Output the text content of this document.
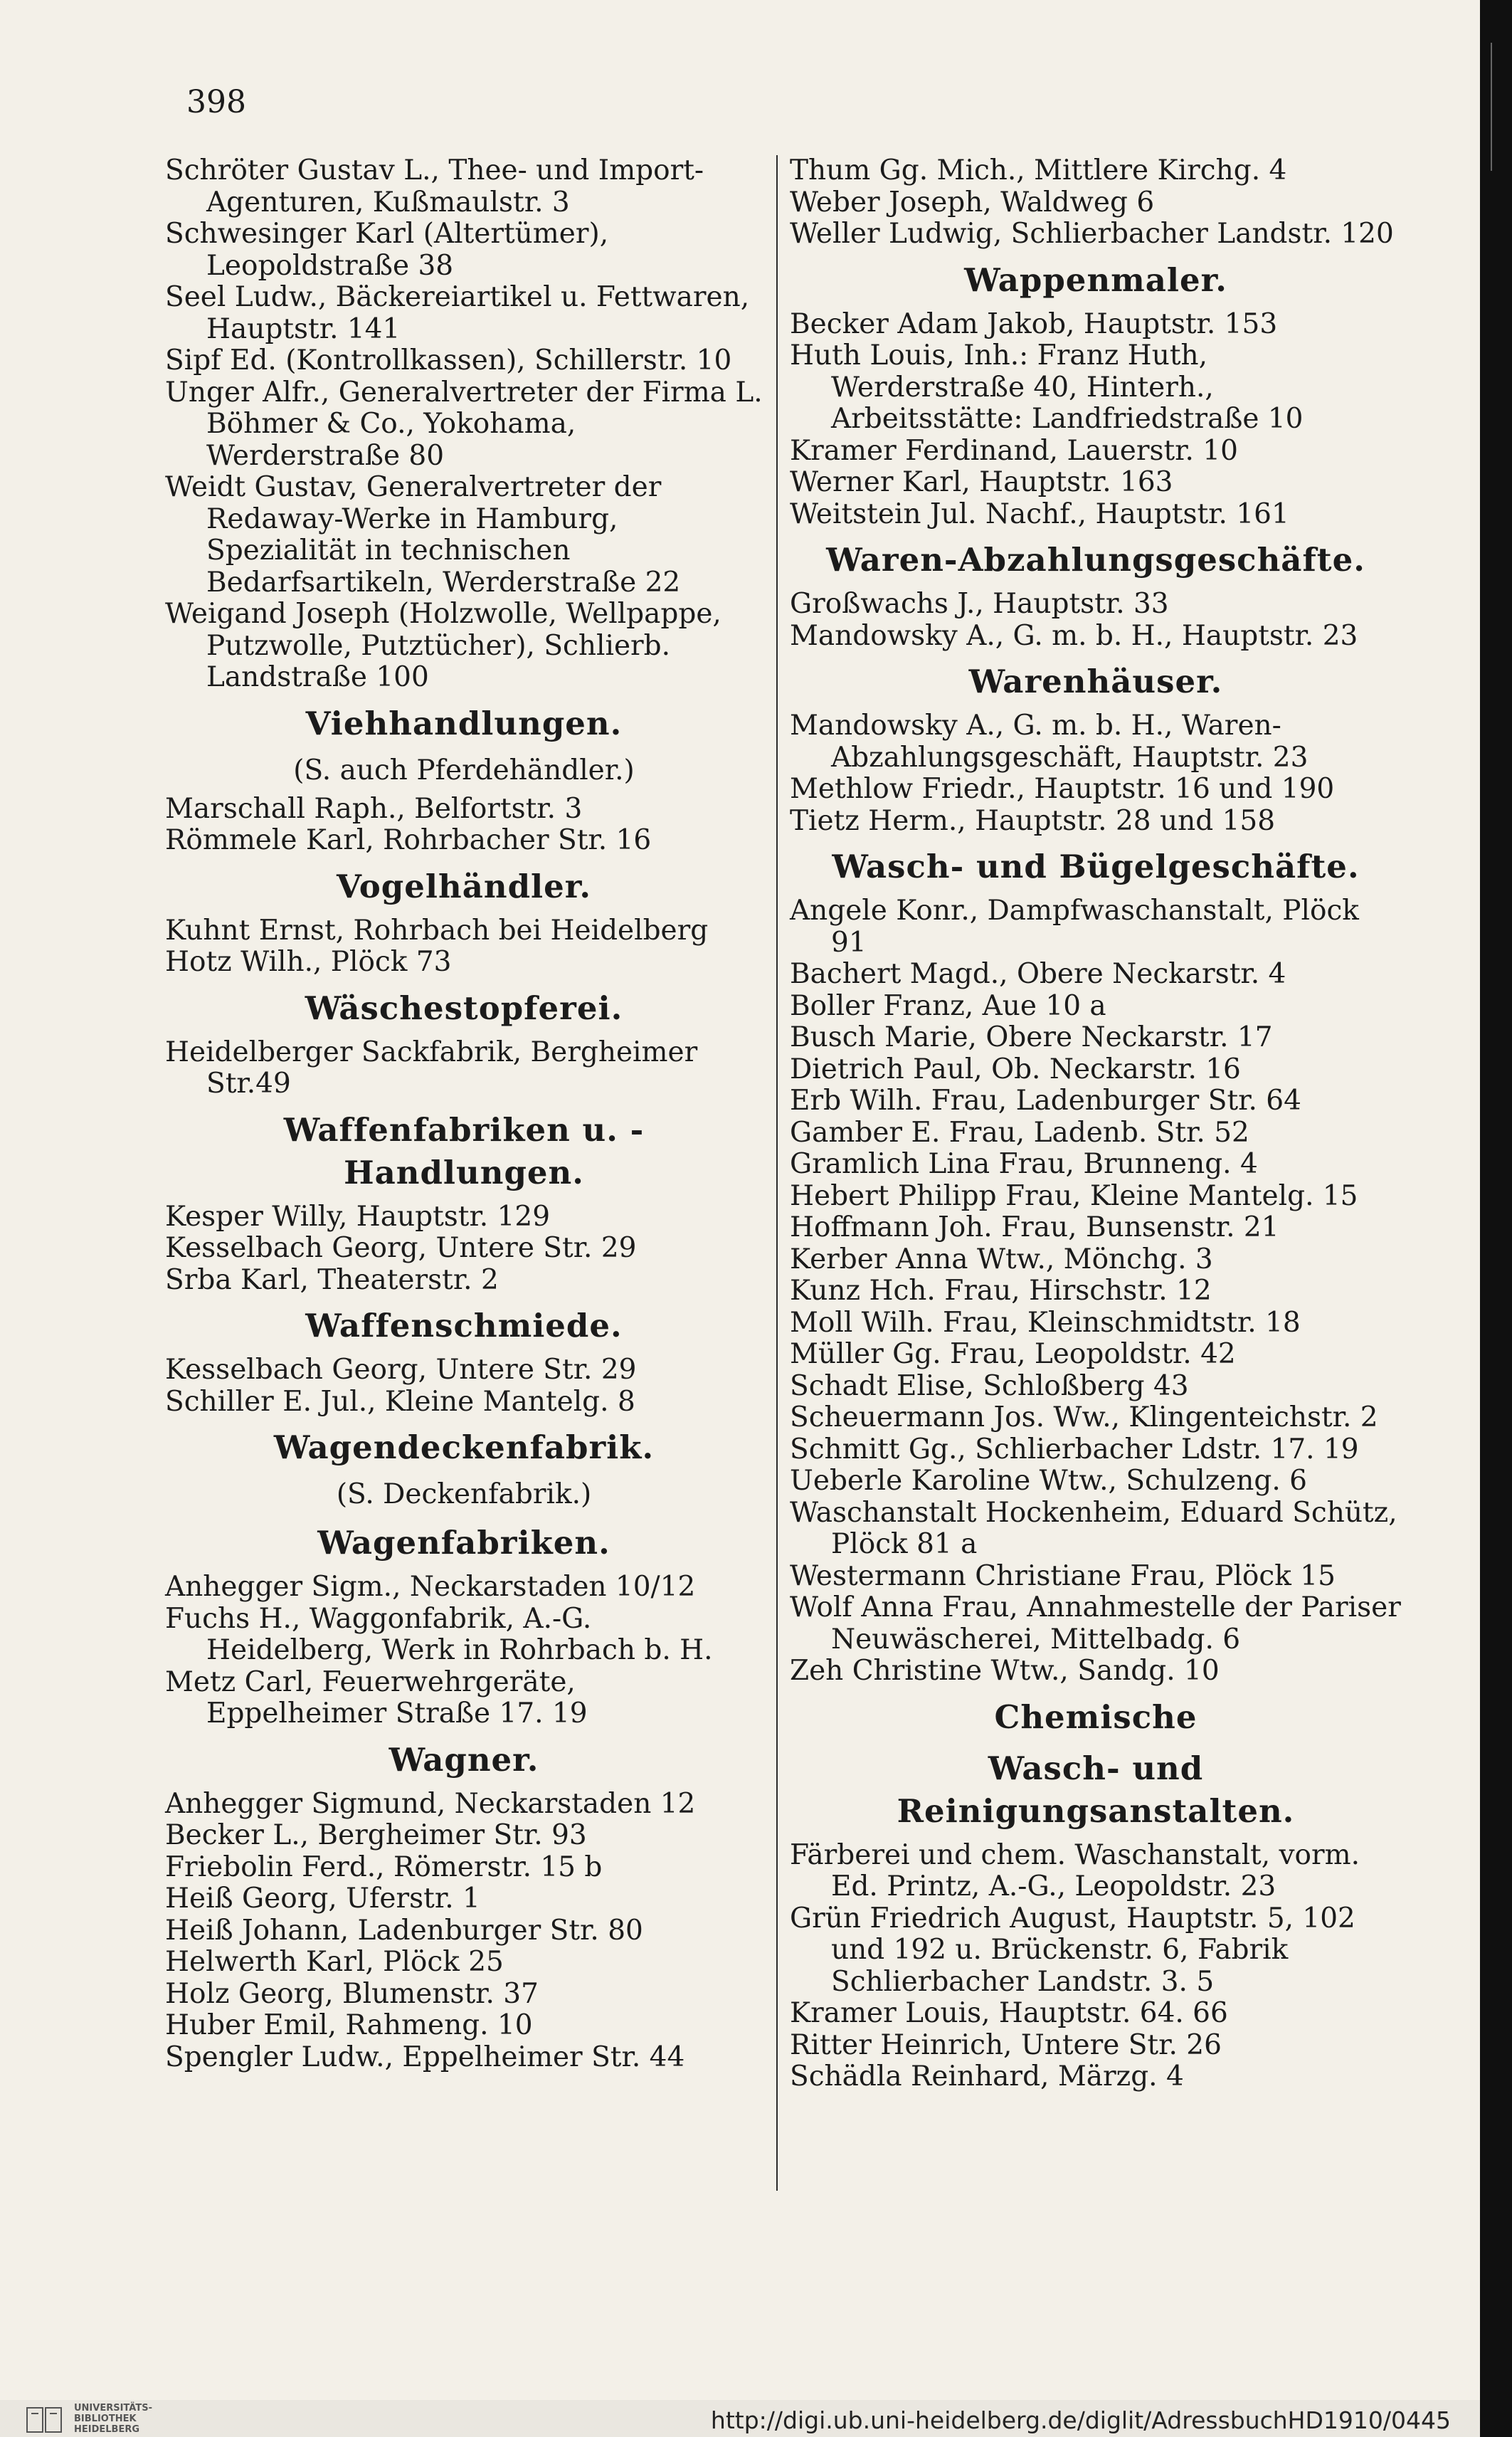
398
Schröter Gustav L., Thee- und Import-Agenturen, Kußmaulstr. 3
Schwesinger Karl (Altertümer), Leopoldstraße 38
Seel Ludw., Bäckereiartikel u. Fettwaren, Hauptstr. 141
Sipf Ed. (Kontrollkassen), Schillerstr. 10
Unger Alfr., Generalvertreter der Firma L. Böhmer & Co., Yokohama, Werderstraße 80
Weidt Gustav, Generalvertreter der Redaway-Werke in Hamburg, Spezialität in technischen Bedarfsartikeln, Werderstraße 22
Weigand Joseph (Holzwolle, Wellpappe, Putzwolle, Putztücher), Schlierb. Landstraße 100
Viehhandlungen.
(S. auch Pferdehändler.)
Marschall Raph., Belfortstr. 3
Römmele Karl, Rohrbacher Str. 16
Vogelhändler.
Kuhnt Ernst, Rohrbach bei Heidelberg
Hotz Wilh., Plöck 73
Wäschestopferei.
Heidelberger Sackfabrik, Bergheimer Str.49
Waffenfabriken u. -Handlungen.
Kesper Willy, Hauptstr. 129
Kesselbach Georg, Untere Str. 29
Srba Karl, Theaterstr. 2
Waffenschmiede.
Kesselbach Georg, Untere Str. 29
Schiller E. Jul., Kleine Mantelg. 8
Wagendeckenfabrik.
(S. Deckenfabrik.)
Wagenfabriken.
Anhegger Sigm., Neckarstaden 10/12
Fuchs H., Waggonfabrik, A.-G. Heidelberg, Werk in Rohrbach b. H.
Metz Carl, Feuerwehrgeräte, Eppelheimer Straße 17. 19
Wagner.
Anhegger Sigmund, Neckarstaden 12
Becker L., Bergheimer Str. 93
Friebolin Ferd., Römerstr. 15 b
Heiß Georg, Uferstr. 1
Heiß Johann, Ladenburger Str. 80
Helwerth Karl, Plöck 25
Holz Georg, Blumenstr. 37
Huber Emil, Rahmeng. 10
Spengler Ludw., Eppelheimer Str. 44
Thum Gg. Mich., Mittlere Kirchg. 4
Weber Joseph, Waldweg 6
Weller Ludwig, Schlierbacher Landstr. 120
Wappenmaler.
Becker Adam Jakob, Hauptstr. 153
Huth Louis, Inh.: Franz Huth, Werderstraße 40, Hinterh., Arbeitsstätte: Landfriedstraße 10
Kramer Ferdinand, Lauerstr. 10
Werner Karl, Hauptstr. 163
Weitstein Jul. Nachf., Hauptstr. 161
Waren-Abzahlungsgeschäfte.
Großwachs J., Hauptstr. 33
Mandowsky A., G. m. b. H., Hauptstr. 23
Warenhäuser.
Mandowsky A., G. m. b. H., Waren-Abzahlungsgeschäft, Hauptstr. 23
Methlow Friedr., Hauptstr. 16 und 190
Tietz Herm., Hauptstr. 28 und 158
Wasch- und Bügelgeschäfte.
Angele Konr., Dampfwaschanstalt, Plöck 91
Bachert Magd., Obere Neckarstr. 4
Boller Franz, Aue 10 a
Busch Marie, Obere Neckarstr. 17
Dietrich Paul, Ob. Neckarstr. 16
Erb Wilh. Frau, Ladenburger Str. 64
Gamber E. Frau, Ladenb. Str. 52
Gramlich Lina Frau, Brunneng. 4
Hebert Philipp Frau, Kleine Mantelg. 15
Hoffmann Joh. Frau, Bunsenstr. 21
Kerber Anna Wtw., Mönchg. 3
Kunz Hch. Frau, Hirschstr. 12
Moll Wilh. Frau, Kleinschmidtstr. 18
Müller Gg. Frau, Leopoldstr. 42
Schadt Elise, Schloßberg 43
Scheuermann Jos. Ww., Klingenteichstr. 2
Schmitt Gg., Schlierbacher Ldstr. 17. 19
Ueberle Karoline Wtw., Schulzeng. 6
Waschanstalt Hockenheim, Eduard Schütz, Plöck 81 a
Westermann Christiane Frau, Plöck 15
Wolf Anna Frau, Annahmestelle der Pariser Neuwäscherei, Mittelbadg. 6
Zeh Christine Wtw., Sandg. 10
Chemische
Wasch- und Reinigungsanstalten.
Färberei und chem. Waschanstalt, vorm. Ed. Printz, A.-G., Leopoldstr. 23
Grün Friedrich August, Hauptstr. 5, 102 und 192 u. Brückenstr. 6, Fabrik Schlierbacher Landstr. 3. 5
Kramer Louis, Hauptstr. 64. 66
Ritter Heinrich, Untere Str. 26
Schädla Reinhard, Märzg. 4
UNIVERSITÄTS-
BIBLIOTHEK
HEIDELBERG	http://digi.ub.uni-heidelberg.de/diglit/AdressbuchHD1910/0445
